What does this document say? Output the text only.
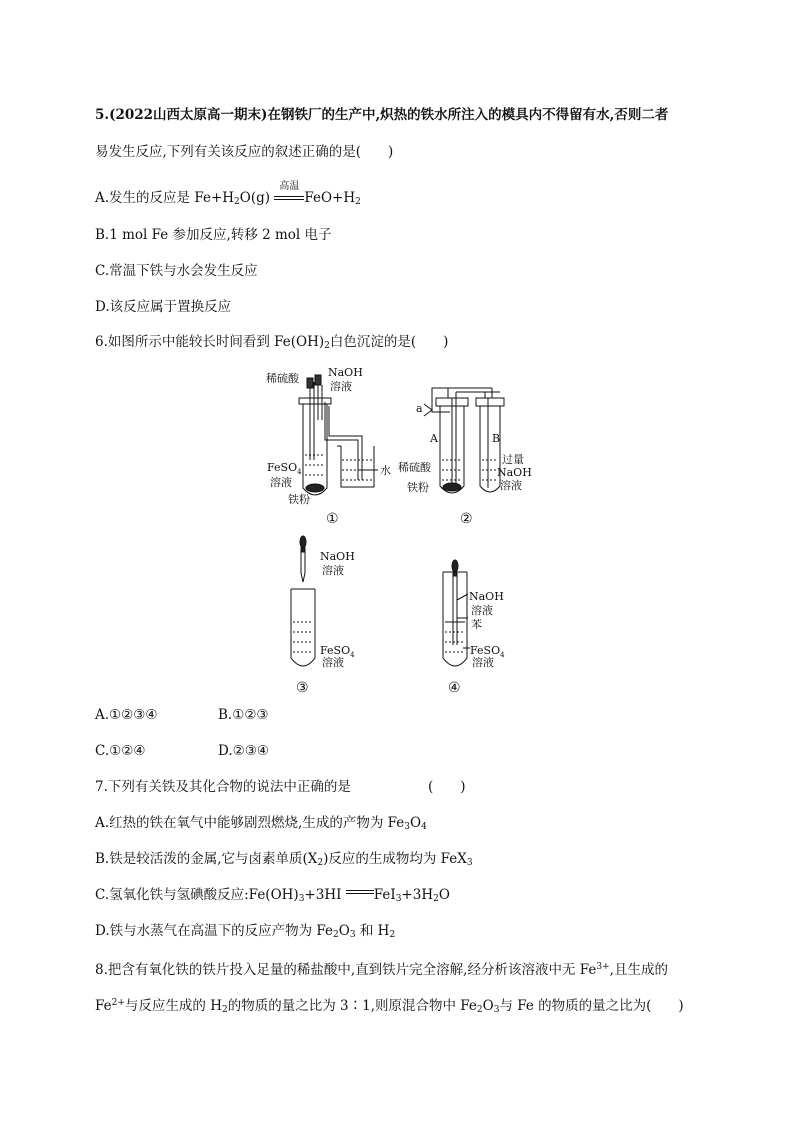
5.(2022山西太原高一期末)在钢铁厂的生产中,炽热的铁水所注入的模具内不得留有水,否则二者
易发生反应,下列有关该反应的叙述正确的是(　　)
A.发生的反应是 $Fe+H_2O(g)$
高温
$FeO+H_2$
B.1 mol Fe 参加反应,转移 2 mol 电子
C.常温下铁与水会发生反应
D.该反应属于置换反应
6.如图所示中能较长时间看到 $Fe(OH)_2$白色沉淀的是(　　)
稀硫酸	NaOH
溶液
FeSO$_4$
溶液
铁粉
水
①
a
A	B
稀硫酸
铁粉
过量
NaOH
溶液
②
NaOH
溶液
FeSO$_4$
溶液
③
NaOH
溶液
苯
FeSO$_4$
溶液
④
A.①②③④	B.①②③
C.①②④	D.②③④
7.下列有关铁及其化合物的说法中正确的是	(　　)
A.红热的铁在氧气中能够剧烈燃烧,生成的产物为 $Fe_3O_4$
B.铁是较活泼的金属,它与卤素单质$(X_2)$反应的生成物均为 FeX$_3$
C.氢氧化铁与氢碘酸反应$:Fe(OH)_3+3HI$ $FeI_3+3H_2O$
D.铁与水蒸气在高温下的反应产物为 $Fe_2O_3$ 和 $H_2$
8.把含有氧化铁的铁片投入足量的稀盐酸中,直到铁片完全溶解,经分析该溶液中无 $Fe^{3+}$,且生成的
$Fe^{2+}$与反应生成的 $H_2$的物质的量之比为 3∶1,则原混合物中 $Fe_2O_3$与 Fe 的物质的量之比为(　　)
